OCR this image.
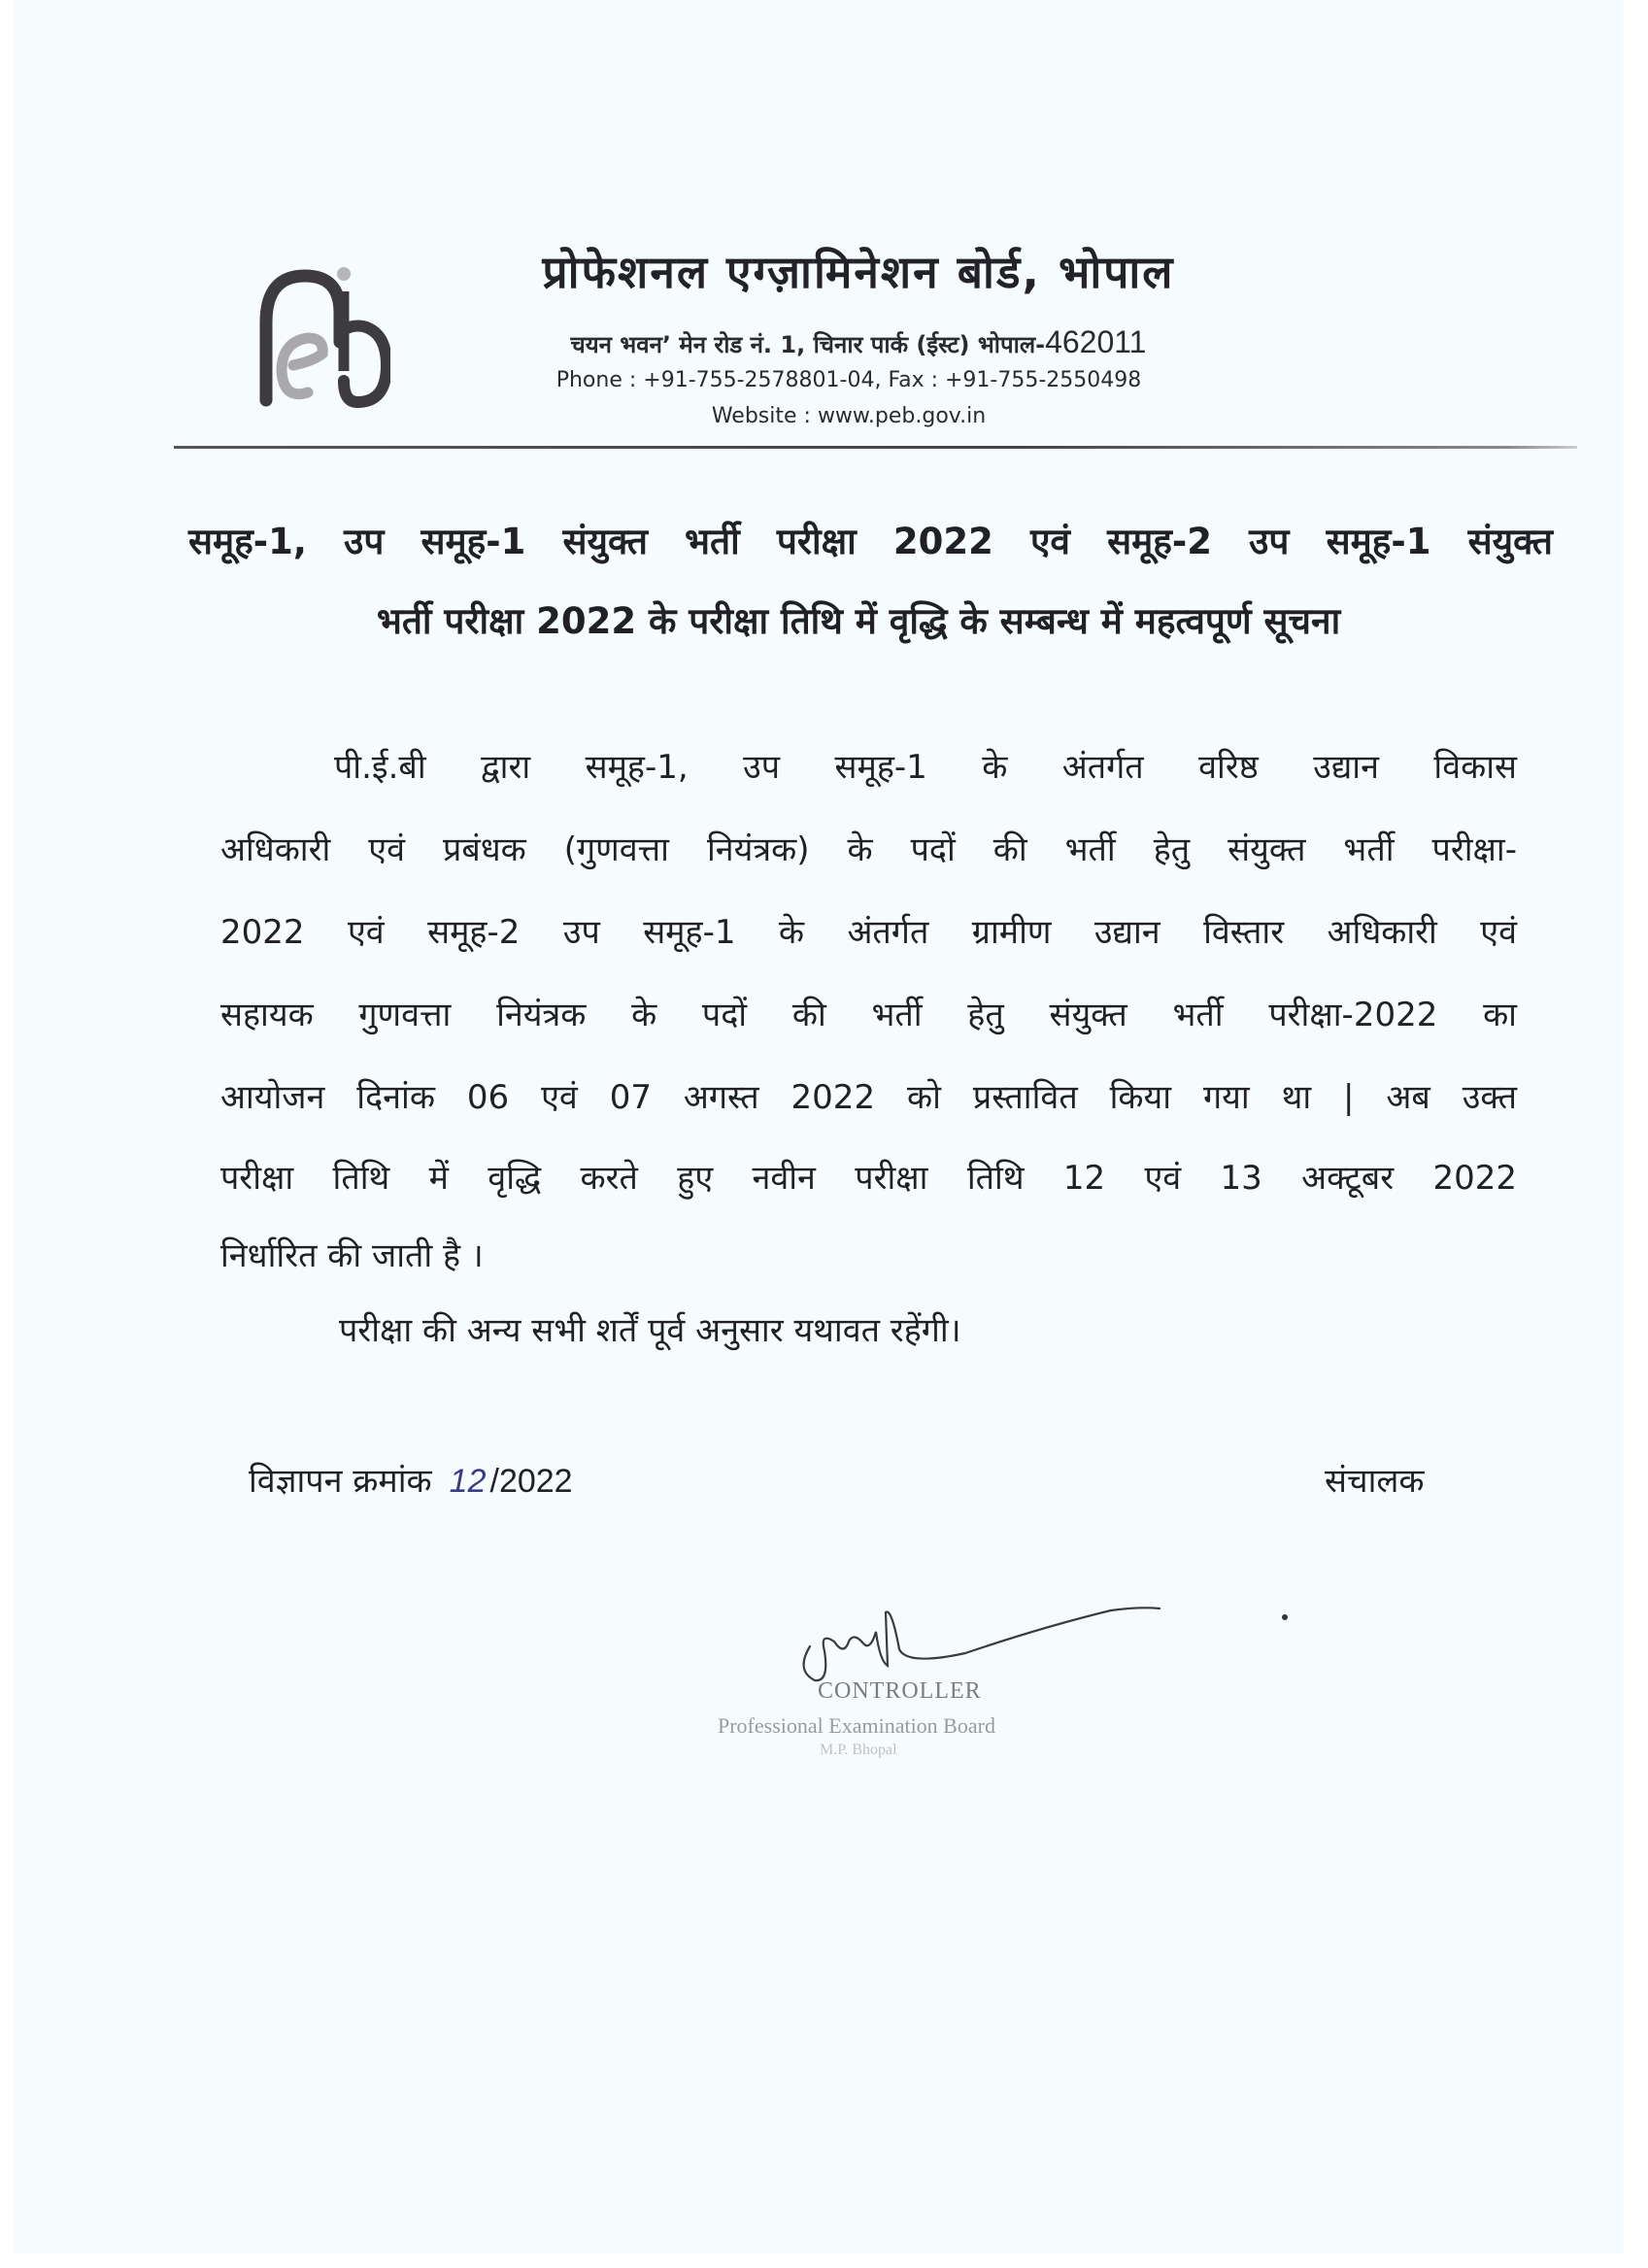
प्रोफेशनल एग्ज़ामिनेशन बोर्ड, भोपाल
चयन भवन’ मेन रोड नं. 1, चिनार पार्क (ईस्ट) भोपाल-462011
Phone : +91-755-2578801-04, Fax : +91-755-2550498
Website : www.peb.gov.in
समूह-1, उप समूह-1 संयुक्त भर्ती परीक्षा 2022 एवं समूह-2 उप समूह-1 संयुक्त
भर्ती परीक्षा 2022 के परीक्षा तिथि में वृद्धि के सम्बन्ध में महत्वपूर्ण सूचना
पी.ई.बी द्वारा समूह-1, उप समूह-1 के अंतर्गत वरिष्ठ उद्यान विकास
अधिकारी एवं प्रबंधक (गुणवत्ता नियंत्रक) के पदों की भर्ती हेतु संयुक्त भर्ती परीक्षा-
2022 एवं समूह-2 उप समूह-1 के अंतर्गत ग्रामीण उद्यान विस्तार अधिकारी एवं
सहायक गुणवत्ता नियंत्रक के पदों की भर्ती हेतु संयुक्त भर्ती परीक्षा-2022 का
आयोजन दिनांक 06 एवं 07 अगस्त 2022 को प्रस्तावित किया गया था | अब उक्त
परीक्षा तिथि में वृद्धि करते हुए नवीन परीक्षा तिथि 12 एवं 13 अक्टूबर 2022
निर्धारित की जाती है ।
परीक्षा की अन्य सभी शर्तें पूर्व अनुसार यथावत रहेंगी।
विज्ञापन क्रमांक 12 /2022	संचालक
CONTROLLER
Professional Examination Board
M.P. Bhopal
